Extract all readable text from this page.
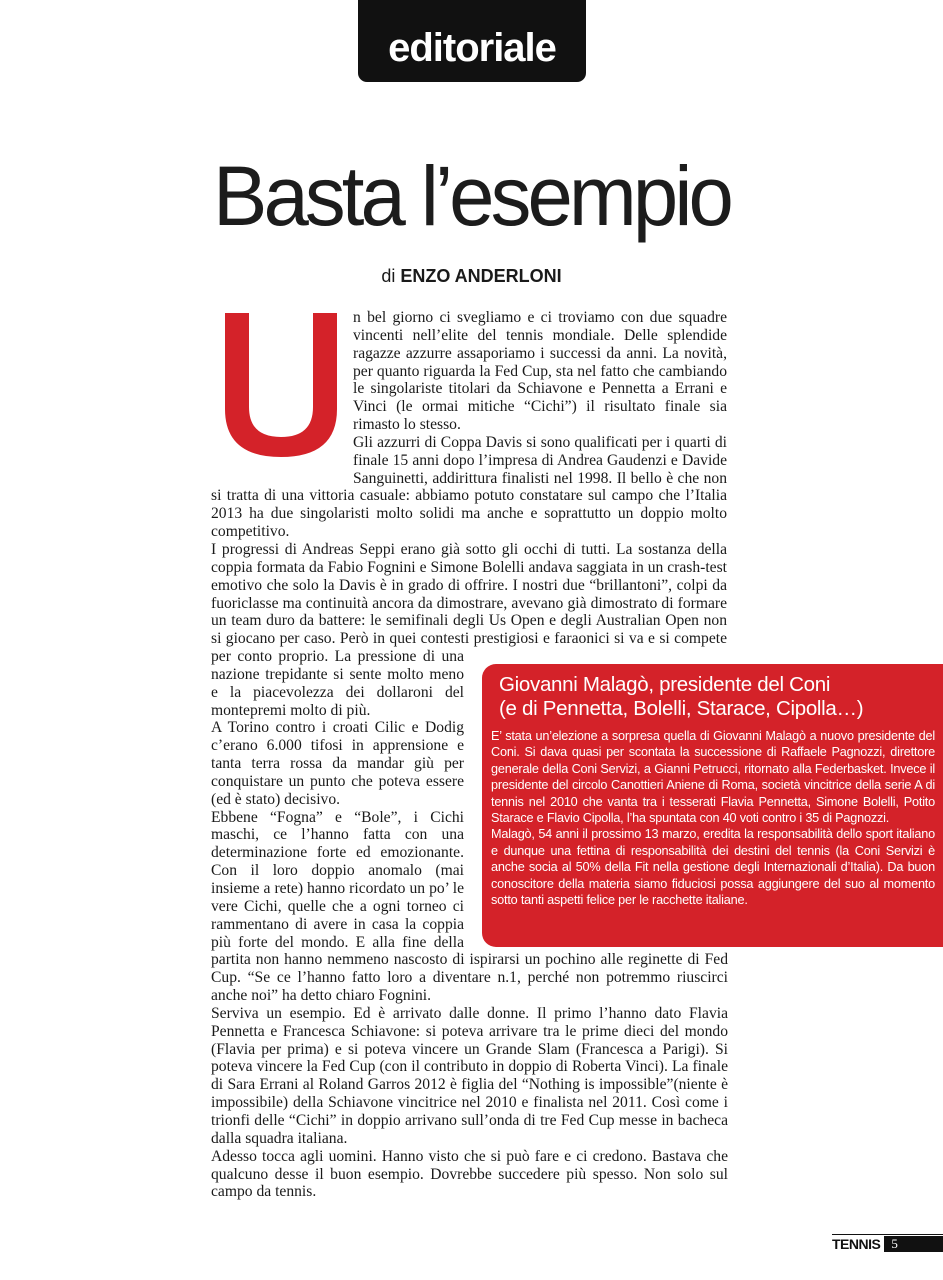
editoriale
Basta l’esempio
di ENZO ANDERLONI

n bel giorno ci svegliamo e ci troviamo con due squadre vincenti nell’elite del tennis mondiale. Delle splendide ragazze azzurre assaporiamo i successi da anni. La novità, per quanto riguarda la Fed Cup, sta nel fatto che cambiando le singolariste titolari da Schiavone e Pennetta a Errani e Vinci (le ormai mitiche “Cichi”) il risultato finale sia rimasto lo stesso.

Gli azzurri di Coppa Davis si sono qualificati per i quarti di finale 15 anni dopo l’impresa di Andrea Gaudenzi e Davide Sanguinetti, addirittura finalisti nel 1998. Il bello è che non si tratta di una vittoria casuale: abbiamo potuto constatare sul campo che l’Italia 2013 ha due singolaristi molto solidi ma anche e soprattutto un doppio molto competitivo.

I progressi di Andreas Seppi erano già sotto gli occhi di tutti. La sostanza della coppia formata da Fabio Fognini e Simone Bolelli andava saggiata in un crash-test emotivo che solo la Davis è in grado di offrire. I nostri due “brillantoni”, colpi da fuoriclasse ma continuità ancora da dimostrare, avevano già dimostrato di formare un team duro da battere: le semifinali degli Us Open e degli Australian Open non si giocano per caso. Però in quei contesti prestigiosi e faraonici si va e si compete per conto proprio. La pressione di una nazione trepidante si sente molto meno e la piacevolezza dei dollaroni del montepremi molto di più.

A Torino contro i croati Cilic e Dodig c’erano 6.000 tifosi in apprensione e tanta terra rossa da mandar giù per conquistare un punto che poteva essere (ed è stato) decisivo.

Ebbene “Fogna” e “Bole”, i Cichi maschi, ce l’hanno fatta con una determinazione forte ed emozionante. Con il loro doppio anomalo (mai insieme a rete) hanno ricordato un po’ le vere Cichi, quelle che a ogni torneo ci rammentano di avere in casa la coppia più forte del mondo. E alla fine della partita non hanno nemmeno nascosto di ispirarsi un pochino alle reginette di Fed Cup. “Se ce l’hanno fatto loro a diventare n.1, perché non potremmo riuscirci anche noi” ha detto chiaro Fognini.

Serviva un esempio. Ed è arrivato dalle donne. Il primo l’hanno dato Flavia Pennetta e Francesca Schiavone: si poteva arrivare tra le prime dieci del mondo (Flavia per prima) e si poteva vincere un Grande Slam (Francesca a Parigi). Si poteva vincere la Fed Cup (con il contributo in doppio di Roberta Vinci). La finale di Sara Errani al Roland Garros 2012 è figlia del “Nothing is impossible”(niente è impossibile) della Schiavone vincitrice nel 2010 e finalista nel 2011. Così come i trionfi delle “Cichi” in doppio arrivano sull’onda di tre Fed Cup messe in bacheca dalla squadra italiana.

Adesso tocca agli uomini. Hanno visto che si può fare e ci credono. Bastava che qualcuno desse il buon esempio. Dovrebbe succedere più spesso. Non solo sul campo da tennis.

Giovanni Malagò, presidente del Coni
(e di Pennetta, Bolelli, Starace, Cipolla…)

E’ stata un’elezione a sorpresa quella di Giovanni Malagò a nuovo presidente del Coni. Si dava quasi per scontata la successione di Raffaele Pagnozzi, direttore generale della Coni Servizi, a Gianni Petrucci, ritornato alla Federbasket. Invece il presidente del circolo Canottieri Aniene di Roma, società vincitrice della serie A di tennis nel 2010 che vanta tra i tesserati Flavia Pennetta, Simone Bolelli, Potito Starace e Flavio Cipolla, l’ha spuntata con 40 voti contro i 35 di Pagnozzi.

Malagò, 54 anni il prossimo 13 marzo, eredita la responsabilità dello sport italiano e dunque una fettina di responsabilità dei destini del tennis (la Coni Servizi è anche socia al 50% della Fit nella gestione degli Internazionali d’Italia). Da buon conoscitore della materia siamo fiduciosi possa aggiungere del suo al momento sotto tanti aspetti felice per le racchette italiane.

TENNIS 5
